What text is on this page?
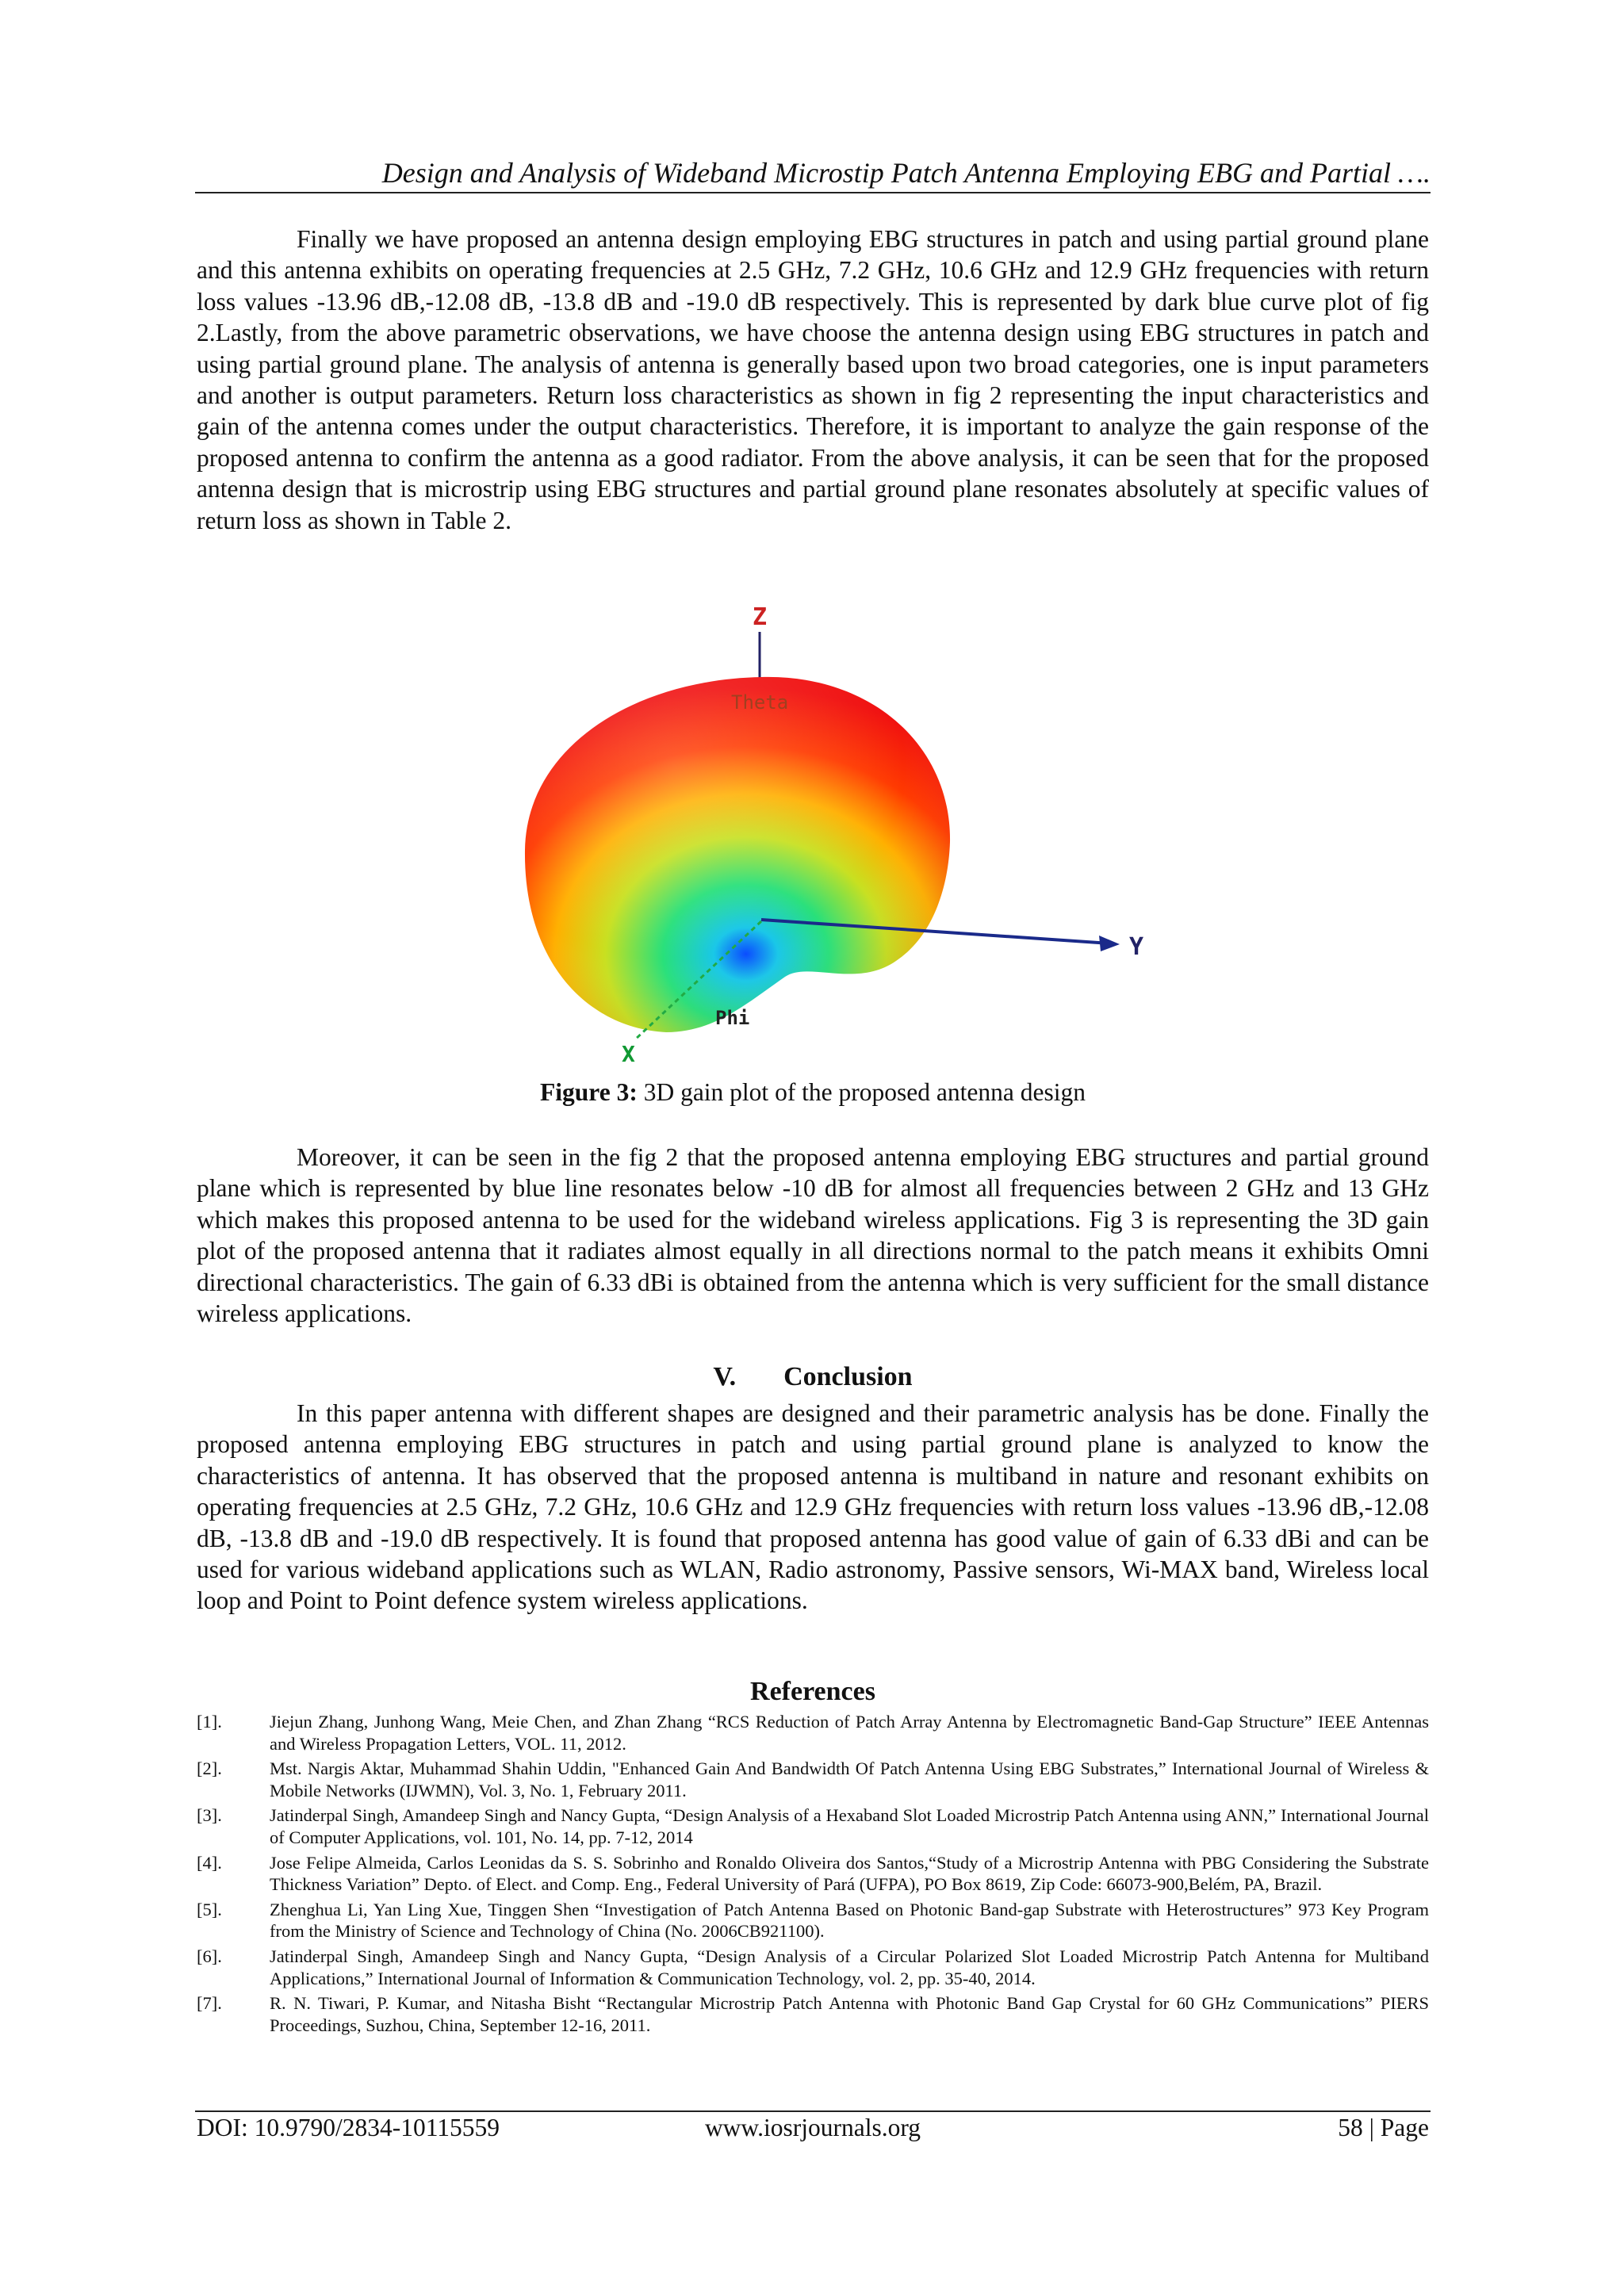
Design and Analysis of Wideband Microstip Patch Antenna Employing EBG and Partial ….

Finally we have proposed an antenna design employing EBG structures in patch and using partial ground plane and this antenna exhibits on operating frequencies at 2.5 GHz, 7.2 GHz, 10.6 GHz and 12.9 GHz frequencies with return loss values -13.96 dB,-12.08 dB, -13.8 dB and -19.0 dB respectively. This is represented by dark blue curve plot of fig 2.Lastly, from the above parametric observations, we have choose the antenna design using EBG structures in patch and using partial ground plane. The analysis of antenna is generally based upon two broad categories, one is input parameters and another is output parameters. Return loss characteristics as shown in fig 2 representing the input characteristics and gain of the antenna comes under the output characteristics. Therefore, it is important to analyze the gain response of the proposed antenna to confirm the antenna as a good radiator. From the above analysis, it can be seen that for the proposed antenna design that is microstrip using EBG structures and partial ground plane resonates absolutely at specific values of return loss as shown in Table 2.

Z
Theta
Y
X
Phi
Figure 3: 3D gain plot of the proposed antenna design

Moreover, it can be seen in the fig 2 that the proposed antenna employing EBG structures and partial ground plane which is represented by blue line resonates below -10 dB for almost all frequencies between 2 GHz and 13 GHz which makes this proposed antenna to be used for the wideband wireless applications. Fig 3 is representing the 3D gain plot of the proposed antenna that it radiates almost equally in all directions normal to the patch means it exhibits Omni directional characteristics. The gain of 6.33 dBi is obtained from the antenna which is very sufficient for the small distance wireless applications.

V. Conclusion

In this paper antenna with different shapes are designed and their parametric analysis has be done. Finally the proposed antenna employing EBG structures in patch and using partial ground plane is analyzed to know the characteristics of antenna. It has observed that the proposed antenna is multiband in nature and resonant exhibits on operating frequencies at 2.5 GHz, 7.2 GHz, 10.6 GHz and 12.9 GHz frequencies with return loss values -13.96 dB,-12.08 dB, -13.8 dB and -19.0 dB respectively. It is found that proposed antenna has good value of gain of 6.33 dBi and can be used for various wideband applications such as WLAN, Radio astronomy, Passive sensors, Wi-MAX band, Wireless local loop and Point to Point defence system wireless applications.

References
[1].	Jiejun Zhang, Junhong Wang, Meie Chen, and Zhan Zhang “RCS Reduction of Patch Array Antenna by Electromagnetic Band-Gap Structure” IEEE Antennas and Wireless Propagation Letters, VOL. 11, 2012.
[2].	Mst. Nargis Aktar, Muhammad Shahin Uddin, "Enhanced Gain And Bandwidth Of Patch Antenna Using EBG Substrates,” International Journal of Wireless & Mobile Networks (IJWMN), Vol. 3, No. 1, February 2011.
[3].	Jatinderpal Singh, Amandeep Singh and Nancy Gupta, “Design Analysis of a Hexaband Slot Loaded Microstrip Patch Antenna using ANN,” International Journal of Computer Applications, vol. 101, No. 14, pp. 7-12, 2014
[4].	Jose Felipe Almeida, Carlos Leonidas da S. S. Sobrinho and Ronaldo Oliveira dos Santos,“Study of a Microstrip Antenna with PBG Considering the Substrate Thickness Variation” Depto. of Elect. and Comp. Eng., Federal University of Pará (UFPA), PO Box 8619, Zip Code: 66073-900,Belém, PA, Brazil.
[5].	Zhenghua Li, Yan Ling Xue, Tinggen Shen “Investigation of Patch Antenna Based on Photonic Band-gap Substrate with Heterostructures” 973 Key Program from the Ministry of Science and Technology of China (No. 2006CB921100).
[6].	Jatinderpal Singh, Amandeep Singh and Nancy Gupta, “Design Analysis of a Circular Polarized Slot Loaded Microstrip Patch Antenna for Multiband Applications,” International Journal of Information & Communication Technology, vol. 2, pp. 35-40, 2014.
[7].	R. N. Tiwari, P. Kumar, and Nitasha Bisht “Rectangular Microstrip Patch Antenna with Photonic Band Gap Crystal for 60 GHz Communications” PIERS Proceedings, Suzhou, China, September 12-16, 2011.
DOI: 10.9790/2834-10115559	www.iosrjournals.org	58 | Page
